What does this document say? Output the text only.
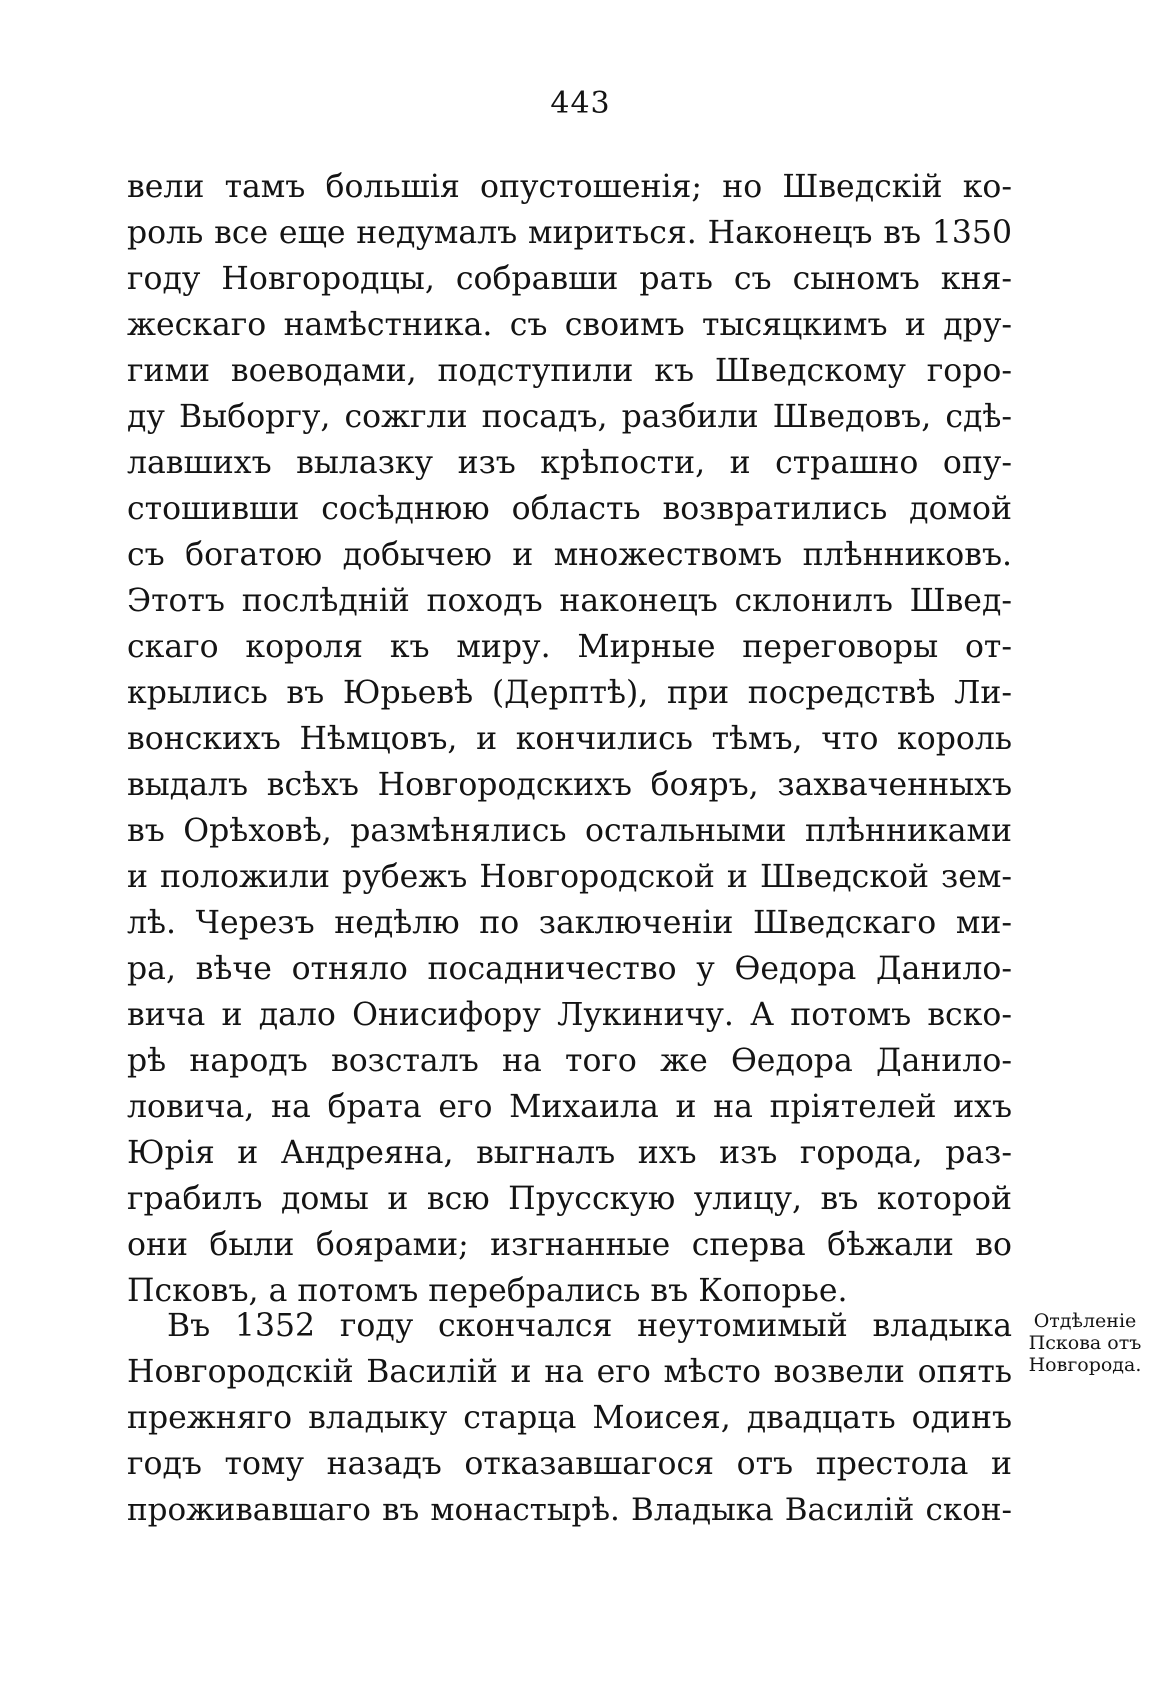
443
вели тамъ большія опустошенія; но Шведскій ко-
роль все еще недумалъ мириться. Наконецъ въ 1350
году Новгородцы, собравши рать съ сыномъ кня-
жескаго намѣстника. съ своимъ тысяцкимъ и дру-
гими воеводами, подступили къ Шведскому горо-
ду Выборгу, сожгли посадъ, разбили Шведовъ, сдѣ-
лавшихъ вылазку изъ крѣпости, и страшно опу-
стошивши сосѣднюю область возвратились домой
съ богатою добычею и множествомъ плѣнниковъ.
Этотъ послѣдній походъ наконецъ склонилъ Швед-
скаго короля къ миру. Мирные переговоры от-
крылись въ Юрьевѣ (Дерптѣ), при посредствѣ Ли-
вонскихъ Нѣмцовъ, и кончились тѣмъ, что король
выдалъ всѣхъ Новгородскихъ бояръ, захваченныхъ
въ Орѣховѣ, размѣнялись остальными плѣнниками
и положили рубежъ Новгородской и Шведской зем-
лѣ. Черезъ недѣлю по заключеніи Шведскаго ми-
ра, вѣче отняло посадничество у Ѳедора Данило-
вича и дало Онисифору Лукиничу. А потомъ вско-
рѣ народъ возсталъ на того же Ѳедора Данило-
ловича, на брата его Михаила и на пріятелей ихъ
Юрія и Андреяна, выгналъ ихъ изъ города, раз-
грабилъ домы и всю Прусскую улицу, въ которой
они были боярами; изгнанные сперва бѣжали во
Псковъ, а потомъ перебрались въ Копорье.
Въ 1352 году скончался неутомимый владыка
Новгородскій Василій и на его мѣсто возвели опять
прежняго владыку старца Моисея, двадцать одинъ
годъ тому назадъ отказавшагося отъ престола и
проживавшаго въ монастырѣ. Владыка Василій скон-
Отдѣленіе
Пскова отъ
Новгорода.
